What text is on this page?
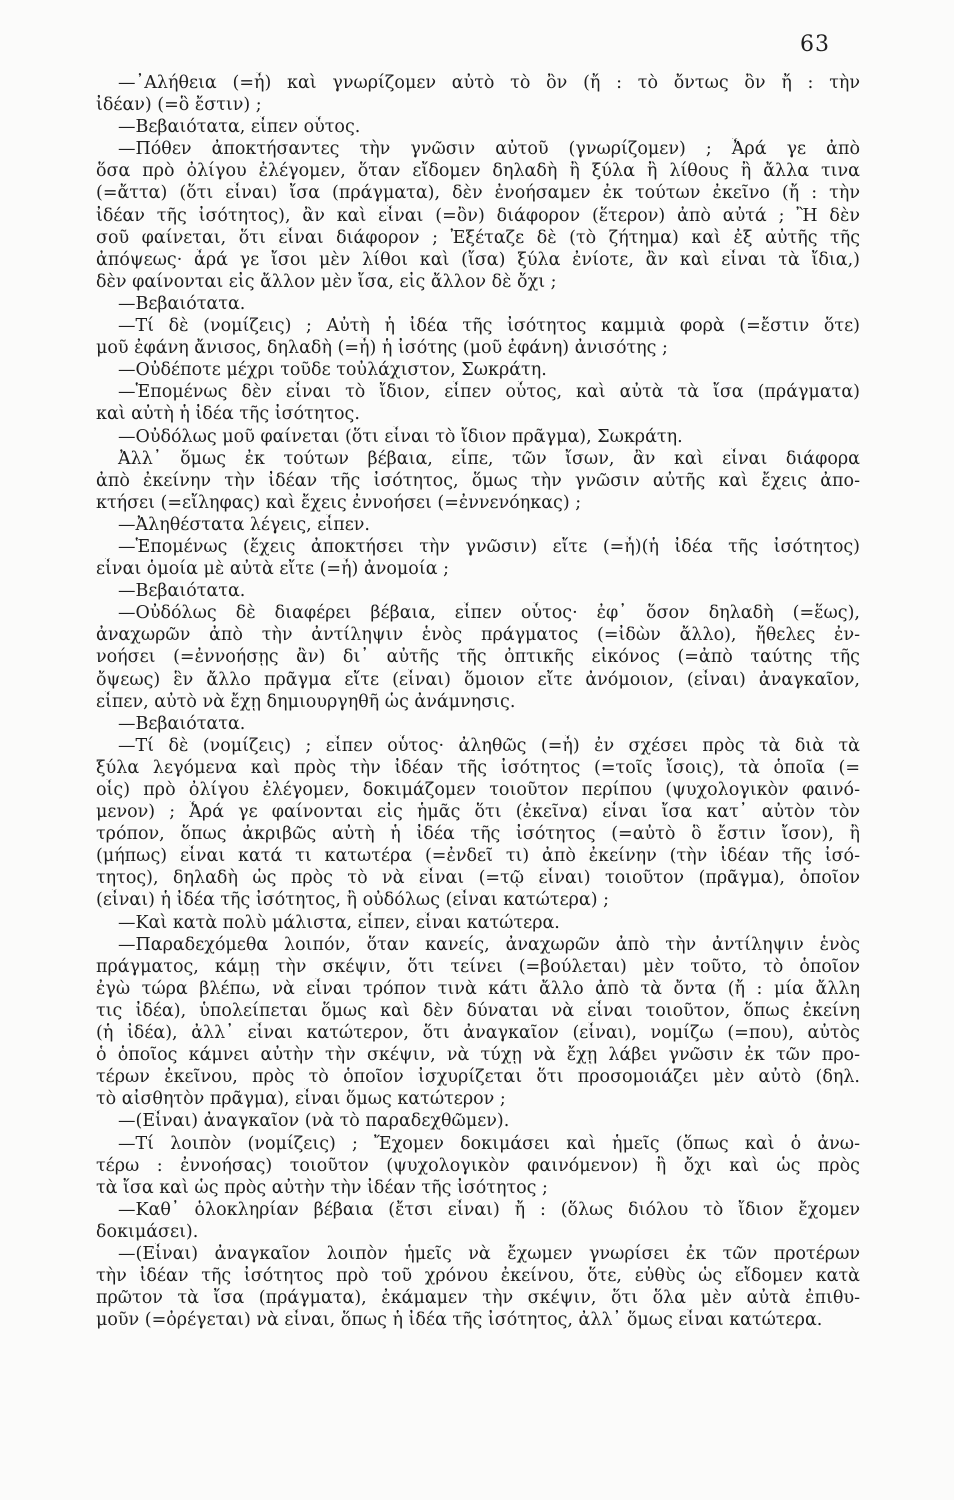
63
—᾽Αλήθεια (=ἦ) καὶ γνωρίζομεν αὐτὸ τὸ ὂν (ἤ : τὸ ὄντως ὂν ἤ : τὴν
ἰδέαν) (=ὃ ἔστιν) ;
—Βεβαιότατα, εἶπεν οὗτος.
—Πόθεν ἀποκτήσαντες τὴν γνῶσιν αὐτοῦ (γνωρίζομεν) ; Ἆρά γε ἀπὸ
ὅσα πρὸ ὀλίγου ἐλέγομεν, ὅταν εἴδομεν δηλαδὴ ἢ ξύλα ἢ λίθους ἢ ἄλλα τινα
(=ἄττα) (ὅτι εἶναι) ἴσα (πράγματα), δὲν ἐνοήσαμεν ἐκ τούτων ἐκεῖνο (ἤ : τὴν
ἰδέαν τῆς ἰσότητος), ἂν καὶ εἶναι (=ὂν) διάφορον (ἕτερον) ἀπὸ αὐτά ; Ἢ δὲν
σοῦ φαίνεται, ὅτι εἶναι διάφορον ; Ἐξέταζε δὲ (τὸ ζήτημα) καὶ ἐξ αὐτῆς τῆς
ἀπόψεως· ἆρά γε ἴσοι μὲν λίθοι καὶ (ἴσα) ξύλα ἐνίοτε, ἂν καὶ εἶναι τὰ ἴδια,)
δὲν φαίνονται εἰς ἄλλον μὲν ἴσα, εἰς ἄλλον δὲ ὄχι ;
—Βεβαιότατα.
—Τί δὲ (νομίζεις) ; Αὐτὴ ἡ ἰδέα τῆς ἰσότητος καμμιὰ φορὰ (=ἔστιν ὅτε)
μοῦ ἐφάνη ἄνισος, δηλαδὴ (=ἦ) ἡ ἰσότης (μοῦ ἐφάνη) ἀνισότης ;
—Οὐδέποτε μέχρι τοῦδε τοὐλάχιστον, Σωκράτη.
—Ἑπομένως δὲν εἶναι τὸ ἴδιον, εἶπεν οὗτος, καὶ αὐτὰ τὰ ἴσα (πράγματα)
καὶ αὐτὴ ἡ ἰδέα τῆς ἰσότητος.
—Οὐδόλως μοῦ φαίνεται (ὅτι εἶναι τὸ ἴδιον πρᾶγμα), Σωκράτη.
Ἀλλ᾽ ὅμως ἐκ τούτων βέβαια, εἶπε, τῶν ἴσων, ἂν καὶ εἶναι διάφορα
ἀπὸ ἐκείνην τὴν ἰδέαν τῆς ἰσότητος, ὅμως τὴν γνῶσιν αὐτῆς καὶ ἔχεις ἀπο-
κτήσει (=εἴληφας) καὶ ἔχεις ἐννοήσει (=ἐννενόηκας) ;
—Ἀληθέστατα λέγεις, εἶπεν.
—Ἑπομένως (ἔχεις ἀποκτήσει τὴν γνῶσιν) εἴτε (=ἦ)(ἡ ἰδέα τῆς ἰσότητος)
εἶναι ὁμοία μὲ αὐτὰ εἴτε (=ἦ) ἀνομοία ;
—Βεβαιότατα.
—Οὐδόλως δὲ διαφέρει βέβαια, εἶπεν οὗτος· ἐφ᾽ ὅσον δηλαδὴ (=ἕως),
ἀναχωρῶν ἀπὸ τὴν ἀντίληψιν ἑνὸς πράγματος (=ἰδὼν ἄλλο), ἤθελες ἐν-
νοήσει (=ἐννοήσῃς ἂν) δι᾽ αὐτῆς τῆς ὀπτικῆς εἰκόνος (=ἀπὸ ταύτης τῆς
ὄψεως) ἓν ἄλλο πρᾶγμα εἴτε (εἶναι) ὅμοιον εἴτε ἀνόμοιον, (εἶναι) ἀναγκαῖον,
εἶπεν, αὐτὸ νὰ ἔχῃ δημιουργηθῆ ὡς ἀνάμνησις.
—Βεβαιότατα.
—Τί δὲ (νομίζεις) ; εἶπεν οὗτος· ἀληθῶς (=ἦ) ἐν σχέσει πρὸς τὰ διὰ τὰ
ξύλα λεγόμενα καὶ πρὸς τὴν ἰδέαν τῆς ἰσότητος (=τοῖς ἴσοις), τὰ ὁποῖα (=
οἷς) πρὸ ὀλίγου ἐλέγομεν, δοκιμάζομεν τοιοῦτον περίπου (ψυχολογικὸν φαινό-
μενον) ; Ἆρά γε φαίνονται εἰς ἡμᾶς ὅτι (ἐκεῖνα) εἶναι ἴσα κατ᾽ αὐτὸν τὸν
τρόπον, ὅπως ἀκριβῶς αὐτὴ ἡ ἰδέα τῆς ἰσότητος (=αὐτὸ ὃ ἔστιν ἴσον), ἢ
(μήπως) εἶναι κατά τι κατωτέρα (=ἐνδεῖ τι) ἀπὸ ἐκείνην (τὴν ἰδέαν τῆς ἰσό-
τητος), δηλαδὴ ὡς πρὸς τὸ νὰ εἶναι (=τῷ εἶναι) τοιοῦτον (πρᾶγμα), ὁποῖον
(εἶναι) ἡ ἰδέα τῆς ἰσότητος, ἢ οὐδόλως (εἶναι κατώτερα) ;
—Καὶ κατὰ πολὺ μάλιστα, εἶπεν, εἶναι κατώτερα.
—Παραδεχόμεθα λοιπόν, ὅταν κανείς, ἀναχωρῶν ἀπὸ τὴν ἀντίληψιν ἑνὸς
πράγματος, κάμῃ τὴν σκέψιν, ὅτι τείνει (=βούλεται) μὲν τοῦτο, τὸ ὁποῖον
ἐγὼ τώρα βλέπω, νὰ εἶναι τρόπον τινὰ κάτι ἄλλο ἀπὸ τὰ ὄντα (ἤ : μία ἄλλη
τις ἰδέα), ὑπολείπεται ὅμως καὶ δὲν δύναται νὰ εἶναι τοιοῦτον, ὅπως ἐκείνη
(ἡ ἰδέα), ἀλλ᾽ εἶναι κατώτερον, ὅτι ἀναγκαῖον (εἶναι), νομίζω (=που), αὐτὸς
ὁ ὁποῖος κάμνει αὐτὴν τὴν σκέψιν, νὰ τύχῃ νὰ ἔχῃ λάβει γνῶσιν ἐκ τῶν προ-
τέρων ἐκεῖνου, πρὸς τὸ ὁποῖον ἰσχυρίζεται ὅτι προσομοιάζει μὲν αὐτὸ (δηλ.
τὸ αἰσθητὸν πρᾶγμα), εἶναι ὅμως κατώτερον ;
—(Εἶναι) ἀναγκαῖον (νὰ τὸ παραδεχθῶμεν).
—Τί λοιπὸν (νομίζεις) ; Ἔχομεν δοκιμάσει καὶ ἡμεῖς (ὅπως καὶ ὁ ἀνω-
τέρω : ἐννοήσας) τοιοῦτον (ψυχολογικὸν φαινόμενον) ἢ ὄχι καὶ ὡς πρὸς
τὰ ἴσα καὶ ὡς πρὸς αὐτὴν τὴν ἰδέαν τῆς ἰσότητος ;
—Καθ᾽ ὁλοκληρίαν βέβαια (ἔτσι εἶναι) ἤ : (ὅλως διόλου τὸ ἴδιον ἔχομεν
δοκιμάσει).
—(Εἶναι) ἀναγκαῖον λοιπὸν ἡμεῖς νὰ ἔχωμεν γνωρίσει ἐκ τῶν προτέρων
τὴν ἰδέαν τῆς ἰσότητος πρὸ τοῦ χρόνου ἐκείνου, ὅτε, εὐθὺς ὡς εἴδομεν κατὰ
πρῶτον τὰ ἴσα (πράγματα), ἐκάμαμεν τὴν σκέψιν, ὅτι ὅλα μὲν αὐτὰ ἐπιθυ-
μοῦν (=ὀρέγεται) νὰ εἶναι, ὅπως ἡ ἰδέα τῆς ἰσότητος, ἀλλ᾽ ὅμως εἶναι κατώτερα.
